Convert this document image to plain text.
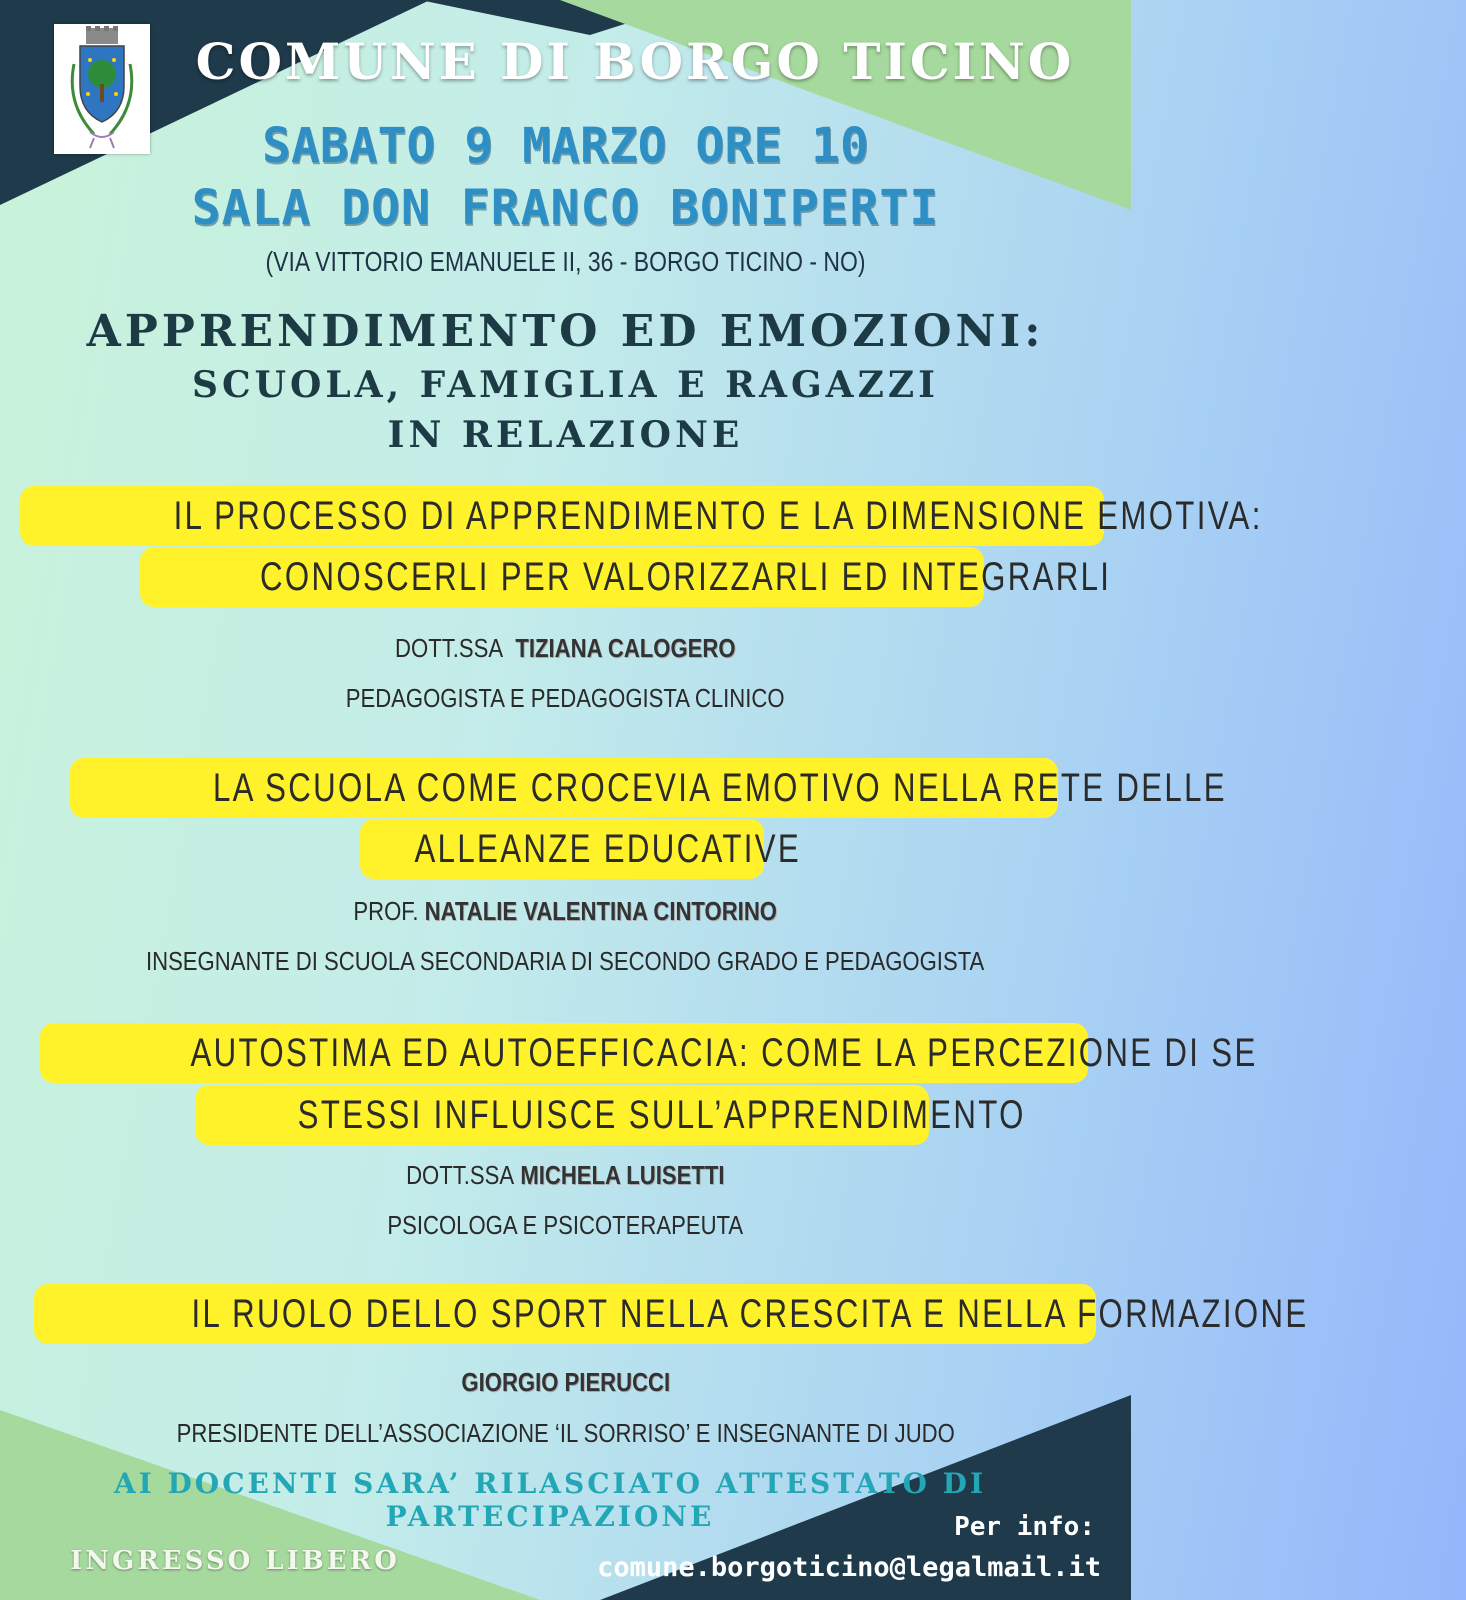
COMUNE DI BORGO TICINO
SABATO 9 MARZO ORE 10
SALA DON FRANCO BONIPERTI
(VIA VITTORIO EMANUELE II, 36 - BORGO TICINO - NO)
APPRENDIMENTO ED EMOZIONI:
SCUOLA, FAMIGLIA E RAGAZZI
IN RELAZIONE
IL PROCESSO DI APPRENDIMENTO E LA DIMENSIONE EMOTIVA:
CONOSCERLI PER VALORIZZARLI ED INTEGRARLI
DOTT.SSA TIZIANA CALOGERO
PEDAGOGISTA E PEDAGOGISTA CLINICO
LA SCUOLA COME CROCEVIA EMOTIVO NELLA RETE DELLE
ALLEANZE EDUCATIVE
PROF. NATALIE VALENTINA CINTORINO
INSEGNANTE DI SCUOLA SECONDARIA DI SECONDO GRADO E PEDAGOGISTA
AUTOSTIMA ED AUTOEFFICACIA: COME LA PERCEZIONE DI SE
STESSI INFLUISCE SULL’APPRENDIMENTO
DOTT.SSA MICHELA LUISETTI
PSICOLOGA E PSICOTERAPEUTA
IL RUOLO DELLO SPORT NELLA CRESCITA E NELLA FORMAZIONE
GIORGIO PIERUCCI
PRESIDENTE DELL’ASSOCIAZIONE ‘IL SORRISO’ E INSEGNANTE DI JUDO
AI DOCENTI SARA’ RILASCIATO ATTESTATO DI
PARTECIPAZIONE
INGRESSO LIBERO
Per info:
comune.borgoticino@legalmail.it
